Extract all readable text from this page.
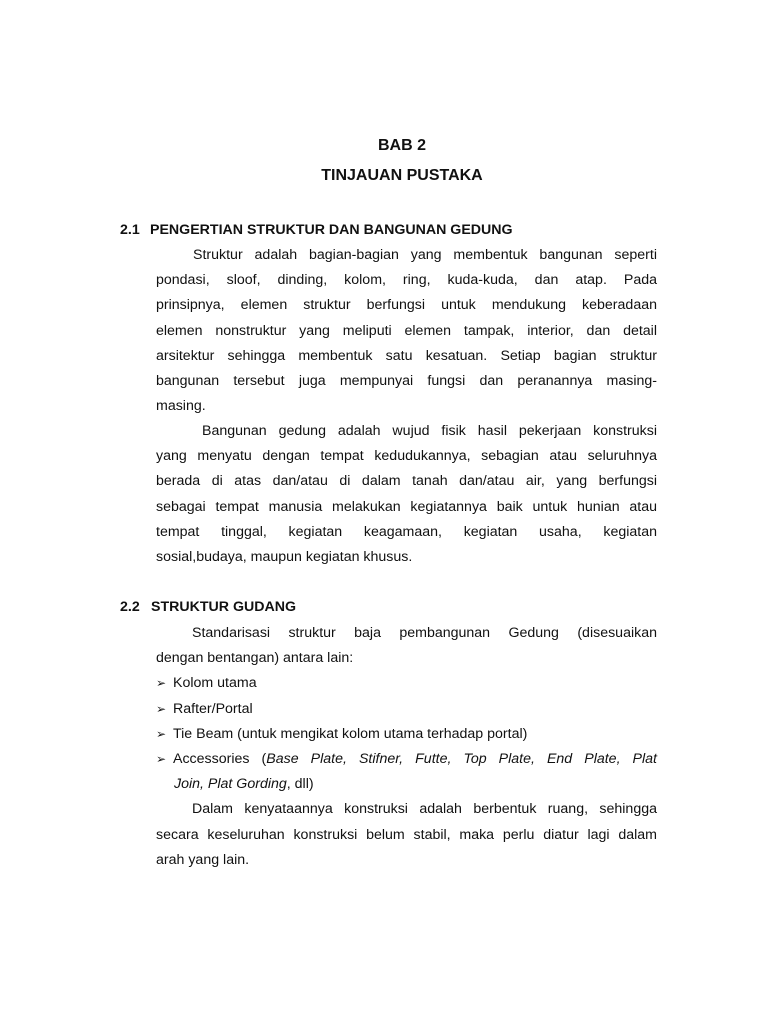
BAB 2
TINJAUAN PUSTAKA
2.1 PENGERTIAN STRUKTUR DAN BANGUNAN GEDUNG
Struktur adalah bagian-bagian yang membentuk bangunan seperti
pondasi, sloof, dinding, kolom, ring, kuda-kuda, dan atap. Pada
prinsipnya, elemen struktur berfungsi untuk mendukung keberadaan
elemen nonstruktur yang meliputi elemen tampak, interior, dan detail
arsitektur sehingga membentuk satu kesatuan. Setiap bagian struktur
bangunan tersebut juga mempunyai fungsi dan peranannya masing-
masing.
Bangunan gedung adalah wujud fisik hasil pekerjaan konstruksi
yang menyatu dengan tempat kedudukannya, sebagian atau seluruhnya
berada di atas dan/atau di dalam tanah dan/atau air, yang berfungsi
sebagai tempat manusia melakukan kegiatannya baik untuk hunian atau
tempat tinggal, kegiatan keagamaan, kegiatan usaha, kegiatan
sosial,budaya, maupun kegiatan khusus.
2.2 STRUKTUR GUDANG
Standarisasi struktur baja pembangunan Gedung (disesuaikan
dengan bentangan) antara lain:
➢ Kolom utama
➢ Rafter/Portal
➢ Tie Beam (untuk mengikat kolom utama terhadap portal)
➢ Accessories (Base Plate, Stifner, Futte, Top Plate, End Plate, Plat
Join, Plat Gording, dll)
Dalam kenyataannya konstruksi adalah berbentuk ruang, sehingga
secara keseluruhan konstruksi belum stabil, maka perlu diatur lagi dalam
arah yang lain.
